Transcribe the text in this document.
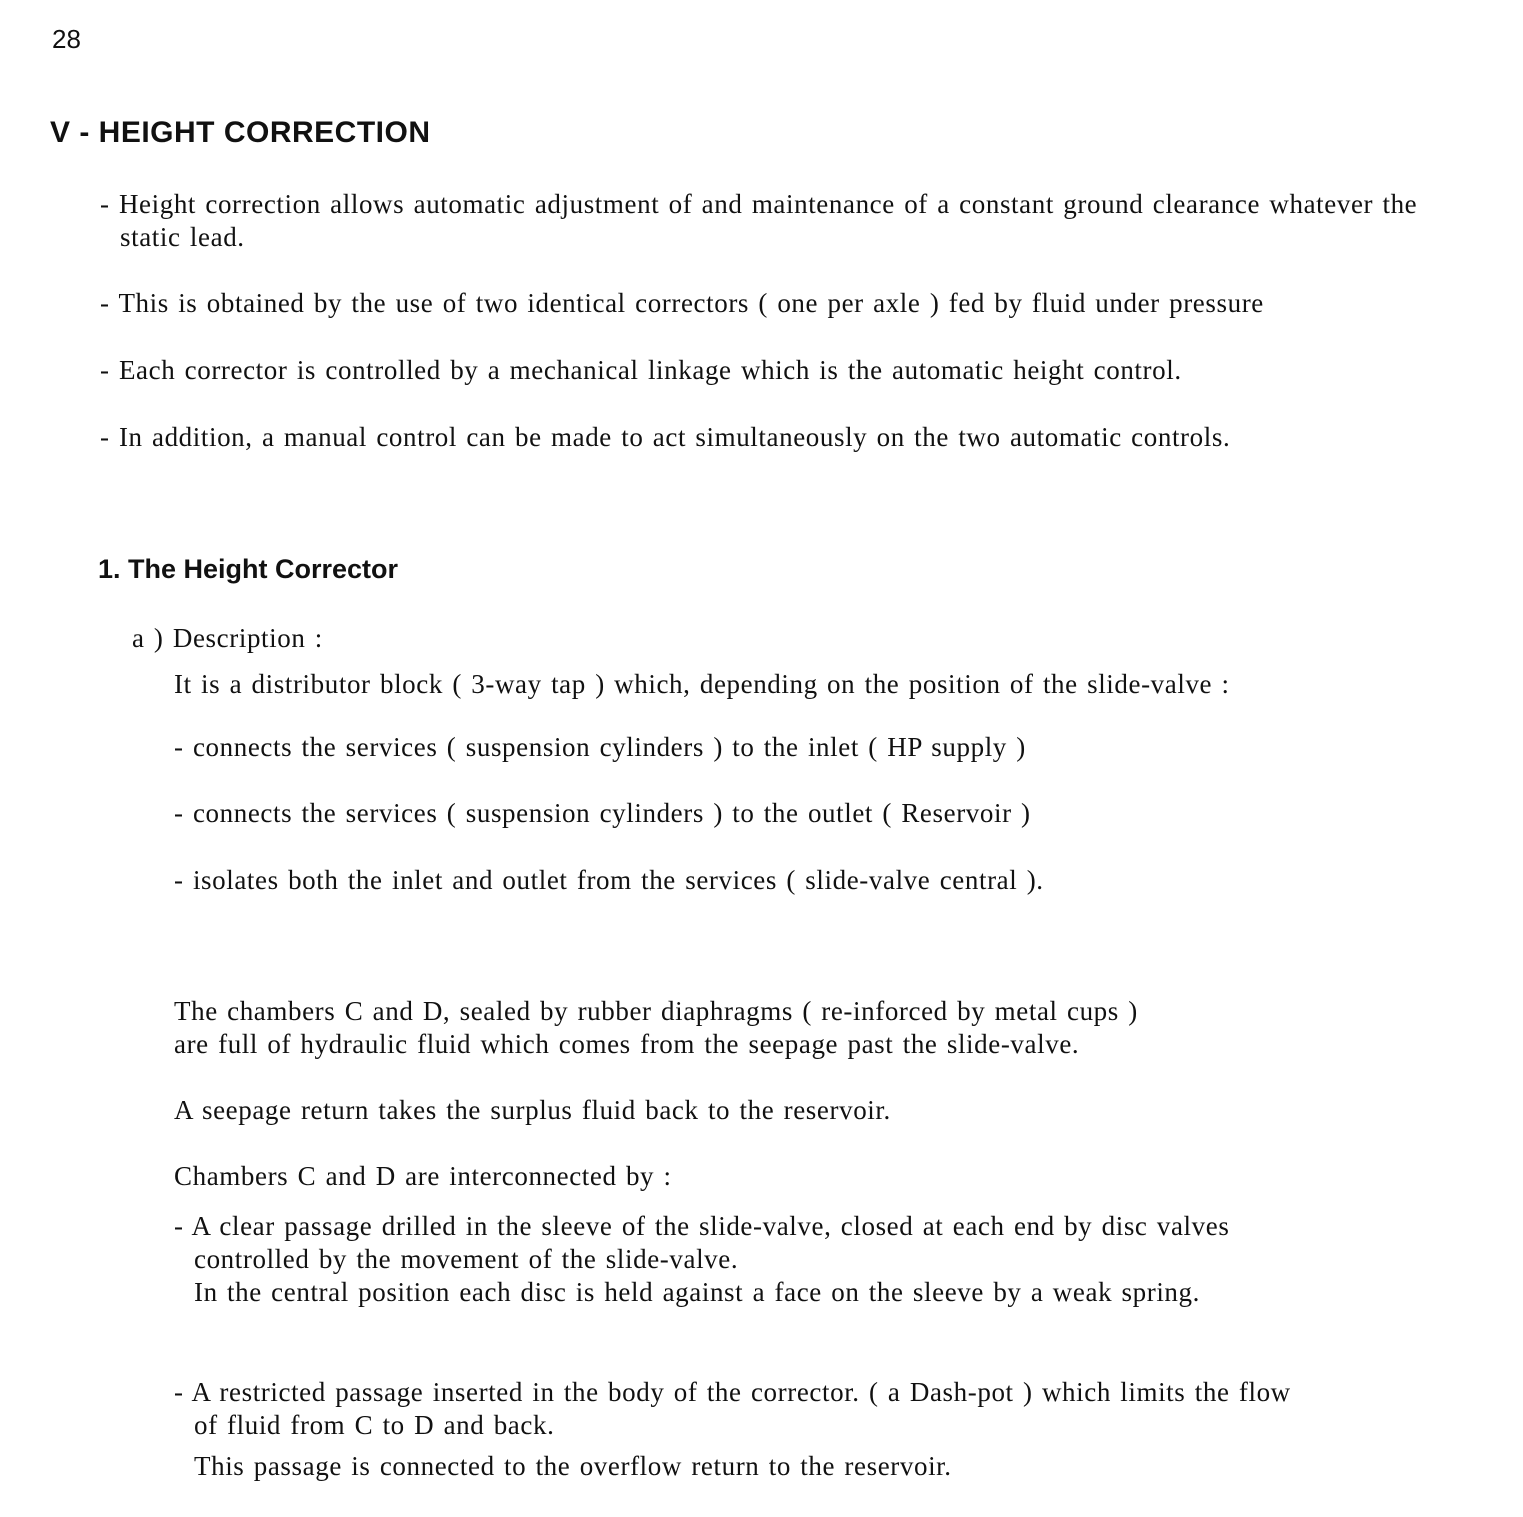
28
V - HEIGHT CORRECTION

- Height correction allows automatic adjustment of and maintenance of a constant ground clearance whatever the static lead.

- This is obtained by the use of two identical correctors ( one per axle ) fed by fluid under pressure

- Each corrector is controlled by a mechanical linkage which is the automatic height control.

- In addition, a manual control can be made to act simultaneously on the two automatic controls.

1. The Height Corrector

a ) Description :

It is a distributor block ( 3-way tap ) which, depending on the position of the slide-valve :

- connects the services ( suspension cylinders ) to the inlet ( HP supply )

- connects the services ( suspension cylinders ) to the outlet ( Reservoir )

- isolates both the inlet and outlet from the services ( slide-valve central ).

The chambers C and D, sealed by rubber diaphragms ( re-inforced by metal cups )
are full of hydraulic fluid which comes from the seepage past the slide-valve.

A seepage return takes the surplus fluid back to the reservoir.

Chambers C and D are interconnected by :

- A clear passage drilled in the sleeve of the slide-valve, closed at each end by disc valves
controlled by the movement of the slide-valve.
In the central position each disc is held against a face on the sleeve by a weak spring.
- A restricted passage inserted in the body of the corrector. ( a Dash-pot ) which limits the flow
of fluid from C to D and back.
This passage is connected to the overflow return to the reservoir.
